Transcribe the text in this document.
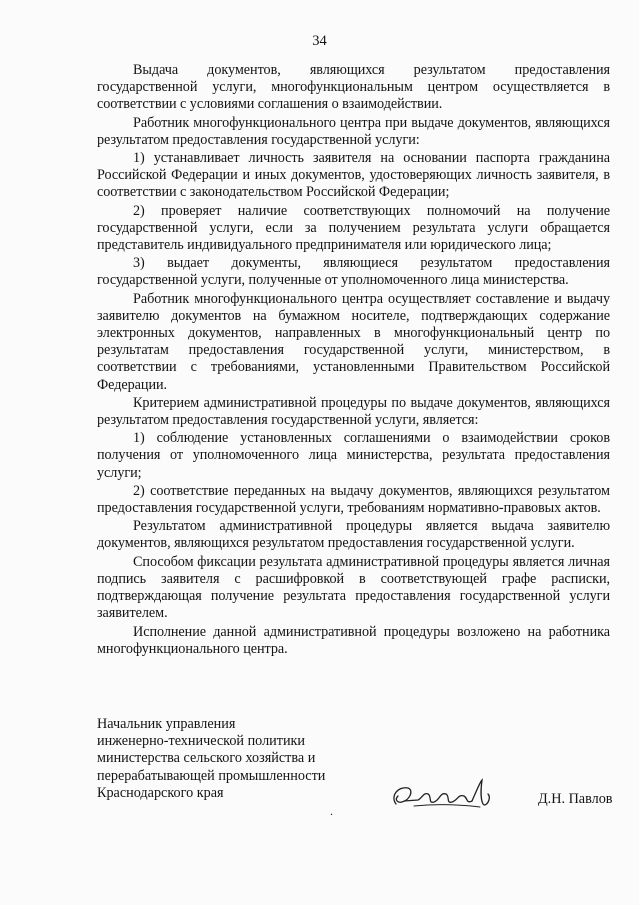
34

Выдача документов, являющихся результатом предоставления государственной услуги, многофункциональным центром осуществляется в соответствии с условиями соглашения о взаимодействии.

Работник многофункционального центра при выдаче документов, являющихся результатом предоставления государственной услуги:

1) устанавливает личность заявителя на основании паспорта гражданина Российской Федерации и иных документов, удостоверяющих личность заявителя, в соответствии с законодательством Российской Федерации;

2) проверяет наличие соответствующих полномочий на получение государственной услуги, если за получением результата услуги обращается представитель индивидуального предпринимателя или юридического лица;

3) выдает документы, являющиеся результатом предоставления государственной услуги, полученные от уполномоченного лица министерства.

Работник многофункционального центра осуществляет составление и выдачу заявителю документов на бумажном носителе, подтверждающих содержание электронных документов, направленных в многофункциональный центр по результатам предоставления государственной услуги, министерством, в соответствии с требованиями, установленными Правительством Российской Федерации.

Критерием административной процедуры по выдаче документов, являющихся результатом предоставления государственной услуги, является:

1) соблюдение установленных соглашениями о взаимодействии сроков получения от уполномоченного лица министерства, результата предоставления услуги;

2) соответствие переданных на выдачу документов, являющихся результатом предоставления государственной услуги, требованиям нормативно-правовых актов.

Результатом административной процедуры является выдача заявителю документов, являющихся результатом предоставления государственной услуги.

Способом фиксации результата административной процедуры является личная подпись заявителя с расшифровкой в соответствующей графе расписки, подтверждающая получение результата предоставления государственной услуги заявителем.

Исполнение данной административной процедуры возложено на работника многофункционального центра.

Начальник управления
инженерно-технической политики
министерства сельского хозяйства и
перерабатывающей промышленности
Краснодарского края
.
Д.Н. Павлов
